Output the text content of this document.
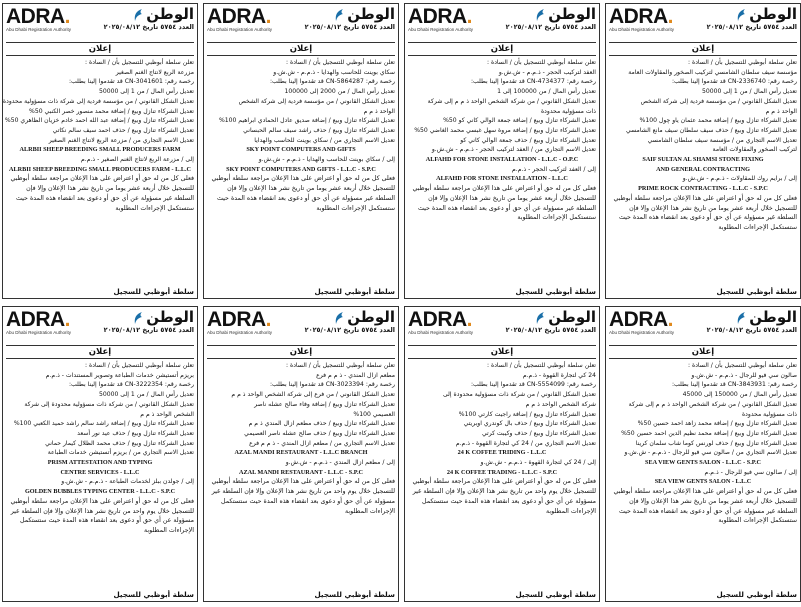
ADRA.
Abu Dhabi Registration Authority
الوطن
العدد ٥٧٥٤ تاريخ ٢٠٢٥/٠٨/١٢
إعلان
تعلن سلطة أبوظبي للتسجيل بأن / السادة :
مزرعة الربع لانتاج الغنم الصغير
رخصة رقم: CN-3041601 قد تقدموا إلينا بطلب:
تعديل رأس المال / من 1 إلى 50000
تعديل الشكل القانوني / من مؤسسة فردية إلى شركة ذات مسؤولية محدودة
تعديل الشركاء تنازل وبيع / إضافة محمد منصور خصر الكنبي 50%
تعديل الشركاء تنازل وبيع / إضافة عبد الله احمد خادم خزيان الظاهري 50%
تعديل الشركاء تنازل وبيع / حذف احمد سيف سالم نكاتي
تعديل الاسم التجاري من / مزرعة الربع لانتاج الغنم الصغير
ALRBII SHEEP BREEDING SMALL PRODUCERS FARM
إلى / مزرعة الربع لانتاج الغنم الصغير - ذ.م.م
ALRBII SHEEP BREEDING SMALL PRODUCERS FARM - L.L.C
فعلى كل من له حق أو اعتراض على هذا الإعلان مراجعة سلطة أبوظبي للتسجيل خلال أربعة عشر يوما من تاريخ نشر هذا الإعلان وإلا فإن السلطة غير مسؤولة عن أي حق أو دعوى بعد انقضاء هذه المدة حيث ستستكمل الإجراءات المطلوبة
سلطة أبوظبي للسجيل
ADRA.
Abu Dhabi Registration Authority
الوطن
العدد ٥٧٥٤ تاريخ ٢٠٢٥/٠٨/١٢
إعلان
تعلن سلطة أبوظبي للتسجيل بأن / السادة :
سكاي بوينت للحاسب والهدايا - ذ.م.م - ش.ش.و
رخصة رقم: CN-5864287 قد تقدموا إلينا بطلب:
تعديل رأس المال / من 2000 إلى 100000
تعديل الشكل القانوني / من مؤسسة فردية إلى شركة الشخص
الواحد ذ م م
تعديل الشركاء تنازل وبيع / إضافة صديق عادل الحمادي ابراهيم 100%
تعديل الشركاء تنازل وبيع / حذف راشد سيف سالم الحبساني
تعديل الاسم التجاري من / سكاي بوينت للحاسب والهدايا
SKY POINT COMPUTERS AND GIFTS
إلى / سكاي بوينت للحاسب والهدايا - ذ.م.م - ش.ش.و
SKY POINT COMPUTERS AND GIFTS - L.L.C - S.P.C
فعلى كل من له حق أو اعتراض على هذا الإعلان مراجعة سلطة أبوظبي للتسجيل خلال أربعة عشر يوما من تاريخ نشر هذا الإعلان وإلا فإن السلطة غير مسؤولة عن أي حق أو دعوى بعد انقضاء هذه المدة حيث ستستكمل الإجراءات المطلوبة
سلطة أبوظبي للسجيل
ADRA.
Abu Dhabi Registration Authority
الوطن
العدد ٥٧٥٤ تاريخ ٢٠٢٥/٠٨/١٢
إعلان
تعلن سلطة أبوظبي للتسجيل بأن / السادة :
العفد لتركيب الحجر - ذ.م.م - ش.ش.و
رخصة رقم: CN-4734377 قد تقدموا إلينا بطلب:
تعديل رأس المال / من 100000 إلى 1
تعديل الشكل القانوني / من شركة الشخص الواحد ذ م م إلى شركة
ذات مسؤولية محدودة
تعديل الشركاء تنازل وبيع / إضافة جمعة الوالي كاني كو 50%
تعديل الشركاء تنازل وبيع / إضافة مروة سهل غبسي محمد الغاضي 50%
تعديل الشركاء تنازل وبيع / حذف جمعة الوالي كاني كو
تعديل الاسم التجاري من / العفد لتركيب الحجر - ذ.م.م - ش.ش.و
ALFAHD FOR STONE INSTALLATION - L.L.C - O.P.C
إلى / العفد لتركيب الحجر - ذ.م.م
ALFAHD FOR STONE INSTALLATION - L.L.C
فعلى كل من له حق أو اعتراض على هذا الإعلان مراجعة سلطة أبوظبي للتسجيل خلال أربعة عشر يوما من تاريخ نشر هذا الإعلان وإلا فإن السلطة غير مسؤولة عن أي حق أو دعوى بعد انقضاء هذه المدة حيث ستستكمل الإجراءات المطلوبة
سلطة أبوظبي للسجيل
ADRA.
Abu Dhabi Registration Authority
الوطن
العدد ٥٧٥٤ تاريخ ٢٠٢٥/٠٨/١٢
إعلان
تعلن سلطة أبوظبي للتسجيل بأن / السادة :
مؤسسة سيف سلطان الشامسي لتركيب الصخور والمقاولات العامة
رخصة رقم: CN-2336740 قد تقدموا إلينا بطلب:
تعديل رأس المال / من 1 إلى 50000
تعديل الشكل القانوني / من مؤسسة فردية إلى شركة الشخص
الواحد ذ م م
تعديل الشركاء تنازل وبيع / إضافة محمد عثمان ياو چول 100%
تعديل الشركاء تنازل وبيع / حذف سيف سلطان سيف مانع الشامسي
تعديل الاسم التجاري من / مؤسسة سيف سلطان الشامسي
لتركيب الصخور والمقاولات العامة
SAIF SULTAN AL SHAMSI STONE FIXING
AND GENERAL CONTRACTING
إلى / برايم روك للمقاولات - ذ.م.م - ش.ش.و
PRIME ROCK CONTRACTING - L.L.C - S.P.C
فعلى كل من له حق أو اعتراض على هذا الإعلان مراجعة سلطة أبوظبي للتسجيل خلال أربعة عشر يوما من تاريخ نشر هذا الإعلان وإلا فإن السلطة غير مسؤولة عن أي حق أو دعوى بعد انقضاء هذه المدة حيث ستستكمل الإجراءات المطلوبة
سلطة أبوظبي للسجيل
ADRA.
Abu Dhabi Registration Authority
الوطن
العدد ٥٧٥٤ تاريخ ٢٠٢٥/٠٨/١٢
إعلان
تعلن سلطة أبوظبي للتسجيل بأن / السادة :
بريزم أتستيشن خدمات الطباعة وتصوير المستندات - ذ.م.م
رخصة رقم: CN-3222354 قد تقدموا إلينا بطلب:
تعديل رأس المال / من 1 إلى 50000
تعديل الشكل القانوني / من شركة ذات مسؤولية محدودة إلى شركة
الشخص الواحد ذ م م
تعديل الشركاء تنازل وبيع / إضافة راشد سالم راشد حميد الكعبي 100%
تعديل الشركاء تنازل وبيع / حذف عيد نور أسعد
تعديل الشركاء تنازل وبيع / حذف محمد الظلال كيمار حماني
تعديل الاسم التجاري من / بريزم أتستيشن خدمات الطباعة
PRISM ATTESTATION AND TYPING
CENTRE SERVICES - L.L.C
إلى / جولدن ببلز لخدمات الطباعة - ذ.م.م - ش.ش.و
GOLDEN BUBBLES TYPING CENTER - L.L.C - S.P.C
فعلى كل من له حق أو اعتراض على هذا الإعلان مراجعة سلطة أبوظبي للتسجيل خلال يوم واحد من تاريخ نشر هذا الإعلان وإلا فإن السلطة غير مسؤولة عن أي حق أو دعوى بعد انقضاء هذه المدة حيث ستستكمل الإجراءات المطلوبة
سلطة أبوظبي للسجيل
ADRA.
Abu Dhabi Registration Authority
الوطن
العدد ٥٧٥٤ تاريخ ٢٠٢٥/٠٨/١٢
إعلان
تعلن سلطة أبوظبي للتسجيل بأن / السادة :
مطعم ازال المندي - ذ م م فرع
رخصة رقم: CN-3023394 قد تقدموا إلينا بطلب:
تعديل الشكل القانوني / من فرع إلى شركة الشخص الواحد ذ م م
تعديل الشركاء تنازل وبيع / إضافة وفاء صالح عشله ناصر
العصيمي 100%
تعديل الشركاء تنازل وبيع / حذف مطعم ازال المندي ذ م م
تعديل الشركاء تنازل وبيع / حذف صالح عشله ناصر العصيمي
تعديل الاسم التجاري من / مطعم ازال المندي - ذ م م فرع
AZAL MANDI RESTAURANT - L.L.C BRANCH
إلى / مطعم ازال المندي - ذ.م.م - ش.ش.و
AZAL MANDI RESTAURANT - L.L.C - S.P.C
فعلى كل من له حق أو اعتراض على هذا الإعلان مراجعة سلطة أبوظبي للتسجيل خلال يوم واحد من تاريخ نشر هذا الإعلان وإلا فإن السلطة غير مسؤولة عن أي حق أو دعوى بعد انقضاء هذه المدة حيث ستستكمل الإجراءات المطلوبة
سلطة أبوظبي للسجيل
ADRA.
Abu Dhabi Registration Authority
الوطن
العدد ٥٧٥٤ تاريخ ٢٠٢٥/٠٨/١٢
إعلان
تعلن سلطة أبوظبي للتسجيل بأن / السادة :
24 كي لتجارة القهوة - ذ.م.م
رخصة رقم: CN-5554099 قد تقدموا إلينا بطلب:
تعديل الشكل القانوني / من شركة ذات مسؤولية محدودة إلى
شركة الشخص الواحد ذ م م
تعديل الشركاء تنازل وبيع / إضافة راجيت كارتي 100%
تعديل الشركاء تنازل وبيع / حذف بال كوندري اوبريتي
تعديل الشركاء تنازل وبيع / حذف وكيبت كرتي
تعديل الاسم التجاري من / 24 كي لتجارة القهوة - ذ.م.م
24 K COFFEE TRIDING - L.L.C
إلى / 24 كي لتجارة القهوة - ذ.م.م - ش.ش.و
24 K COFFEE TRADING - L.L.C - S.P.C
فعلى كل من له حق أو اعتراض على هذا الإعلان مراجعة سلطة أبوظبي للتسجيل خلال يوم واحد من تاريخ نشر هذا الإعلان وإلا فإن السلطة غير مسؤولة عن أي حق أو دعوى بعد انقضاء هذه المدة حيث ستستكمل الإجراءات المطلوبة
سلطة أبوظبي للسجيل
ADRA.
Abu Dhabi Registration Authority
الوطن
العدد ٥٧٥٤ تاريخ ٢٠٢٥/٠٨/١٢
إعلان
تعلن سلطة أبوظبي للتسجيل بأن / السادة :
صالون سي فيو للرجال - ذ.م.م - ش.ش.و
رخصة رقم: CN-3843931 قد تقدموا إلينا بطلب:
تعديل رأس المال / من 150000 إلى 45000
تعديل الشكل القانوني / من شركة الشخص الواحد ذ م م إلى شركة
ذات مسؤولية محدودة
تعديل الشركاء تنازل وبيع / إضافة محمد زاهد احمد حسين 50%
تعديل الشركاء تنازل وبيع / إضافة محمد نظيم الدين احمد حسين 50%
تعديل الشركاء تنازل وبيع / حذف لورنس كوما شاب سلمان كرينا
تعديل الاسم التجاري من / صالون سي فيو للرجال - ذ.م.م - ش.ش.و
SEA VIEW GENTS SALON - L.L.C - S.P.C
إلى / صالون سي فيو للرجال - ذ.م.م
SEA VIEW GENTS SALON - L.L.C
فعلى كل من له حق أو اعتراض على هذا الإعلان مراجعة سلطة أبوظبي للتسجيل خلال أربعة عشر يوما من تاريخ نشر هذا الإعلان وإلا فإن السلطة غير مسؤولة عن أي حق أو دعوى بعد انقضاء هذه المدة حيث ستستكمل الإجراءات المطلوبة
سلطة أبوظبي للسجيل
